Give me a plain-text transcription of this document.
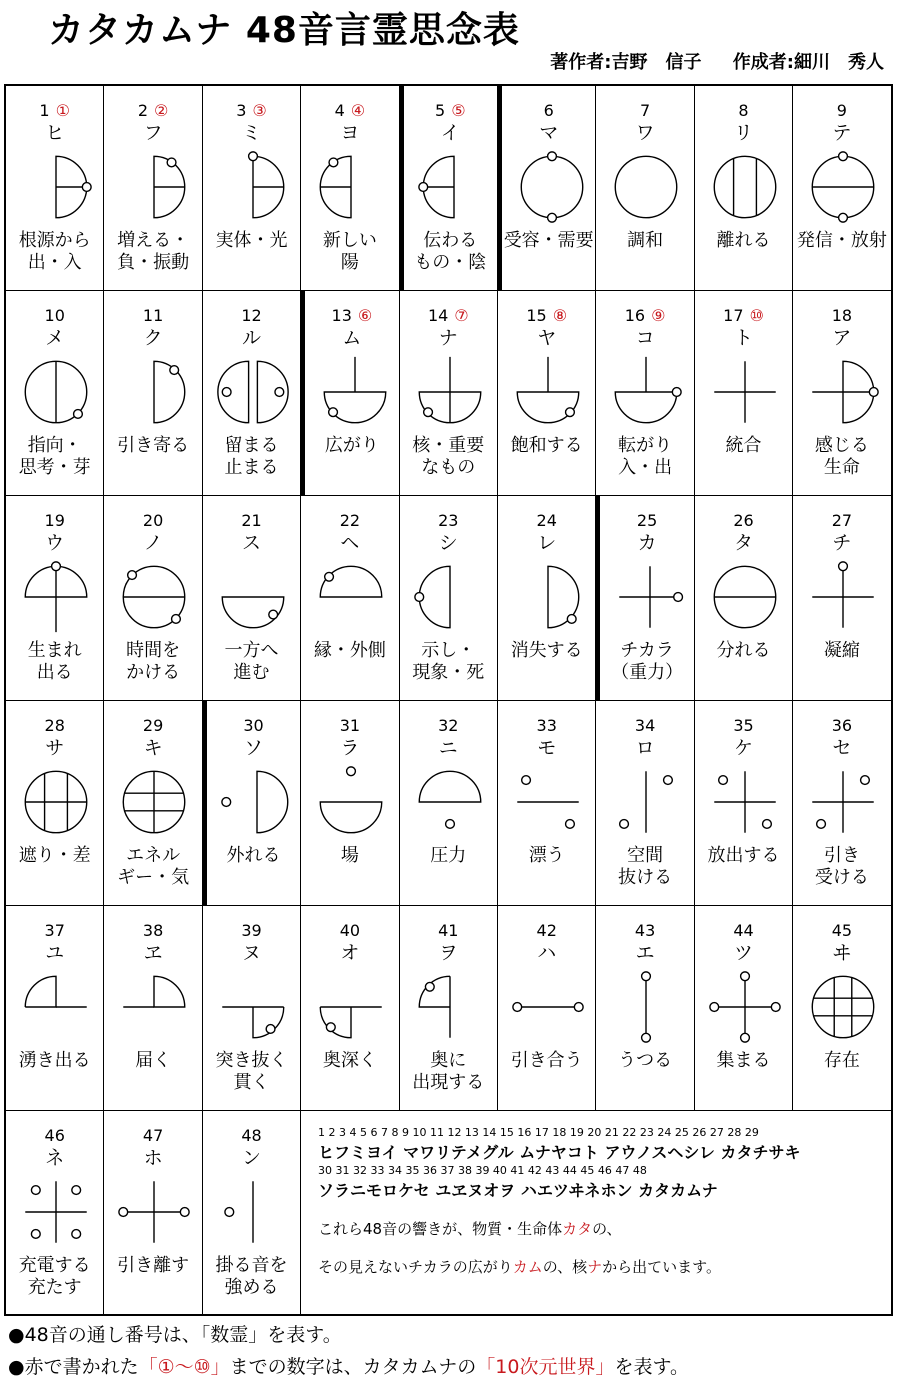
カタカムナ 48音言霊思念表
著作者:吉野　信子 作成者:細川　秀人
1 2 3 4 5 6 7 8 9 10 11 12 13 14 15 16 17 18 19 20 21 22 23 24 25 26 27 28 29
ヒフミヨイ マワリテメグル ムナヤコト アウノスヘシレ カタチサキ
30 31 32 33 34 35 36 37 38 39 40 41 42 43 44 45 46 47 48
ソラニモロケセ ユヱヌオヲ ハエツヰネホン カタカムナ
これら48音の響きが、物質・生命体カタの、
その見えないチカラの広がりカムの、核ナから出ています。
1 ①
ヒ
根源から
出・入
2 ②
フ
増える・
負・振動
3 ③
ミ
実体・光
4 ④
ヨ
新しい
陽
5 ⑤
イ
伝わる
もの・陰
6
マ
受容・需要
7
ワ
調和
8
リ
離れる
9
テ
発信・放射
10
メ
指向・
思考・芽
11
ク
引き寄る
12
ル
留まる
止まる
13 ⑥
ム
広がり
14 ⑦
ナ
核・重要
なもの
15 ⑧
ヤ
飽和する
16 ⑨
コ
転がり
入・出
17 ⑩
ト
統合
18
ア
感じる
生命
19
ウ
生まれ
出る
20
ノ
時間を
かける
21
ス
一方へ
進む
22
ヘ
縁・外側
23
シ
示し・
現象・死
24
レ
消失する
25
カ
チカラ
（重力）
26
タ
分れる
27
チ
凝縮
28
サ
遮り・差
29
キ
エネル
ギー・気
30
ソ
外れる
31
ラ
場
32
ニ
圧力
33
モ
漂う
34
ロ
空間
抜ける
35
ケ
放出する
36
セ
引き
受ける
37
ユ
湧き出る
38
ヱ
届く
39
ヌ
突き抜く
貫く
40
オ
奥深く
41
ヲ
奥に
出現する
42
ハ
引き合う
43
エ
うつる
44
ツ
集まる
45
ヰ
存在
46
ネ
充電する
充たす
47
ホ
引き離す
48
ン
掛る音を
強める
●48音の通し番号は、「数霊」を表す。
●赤で書かれた「①～⑩」までの数字は、カタカムナの「10次元世界」を表す。
